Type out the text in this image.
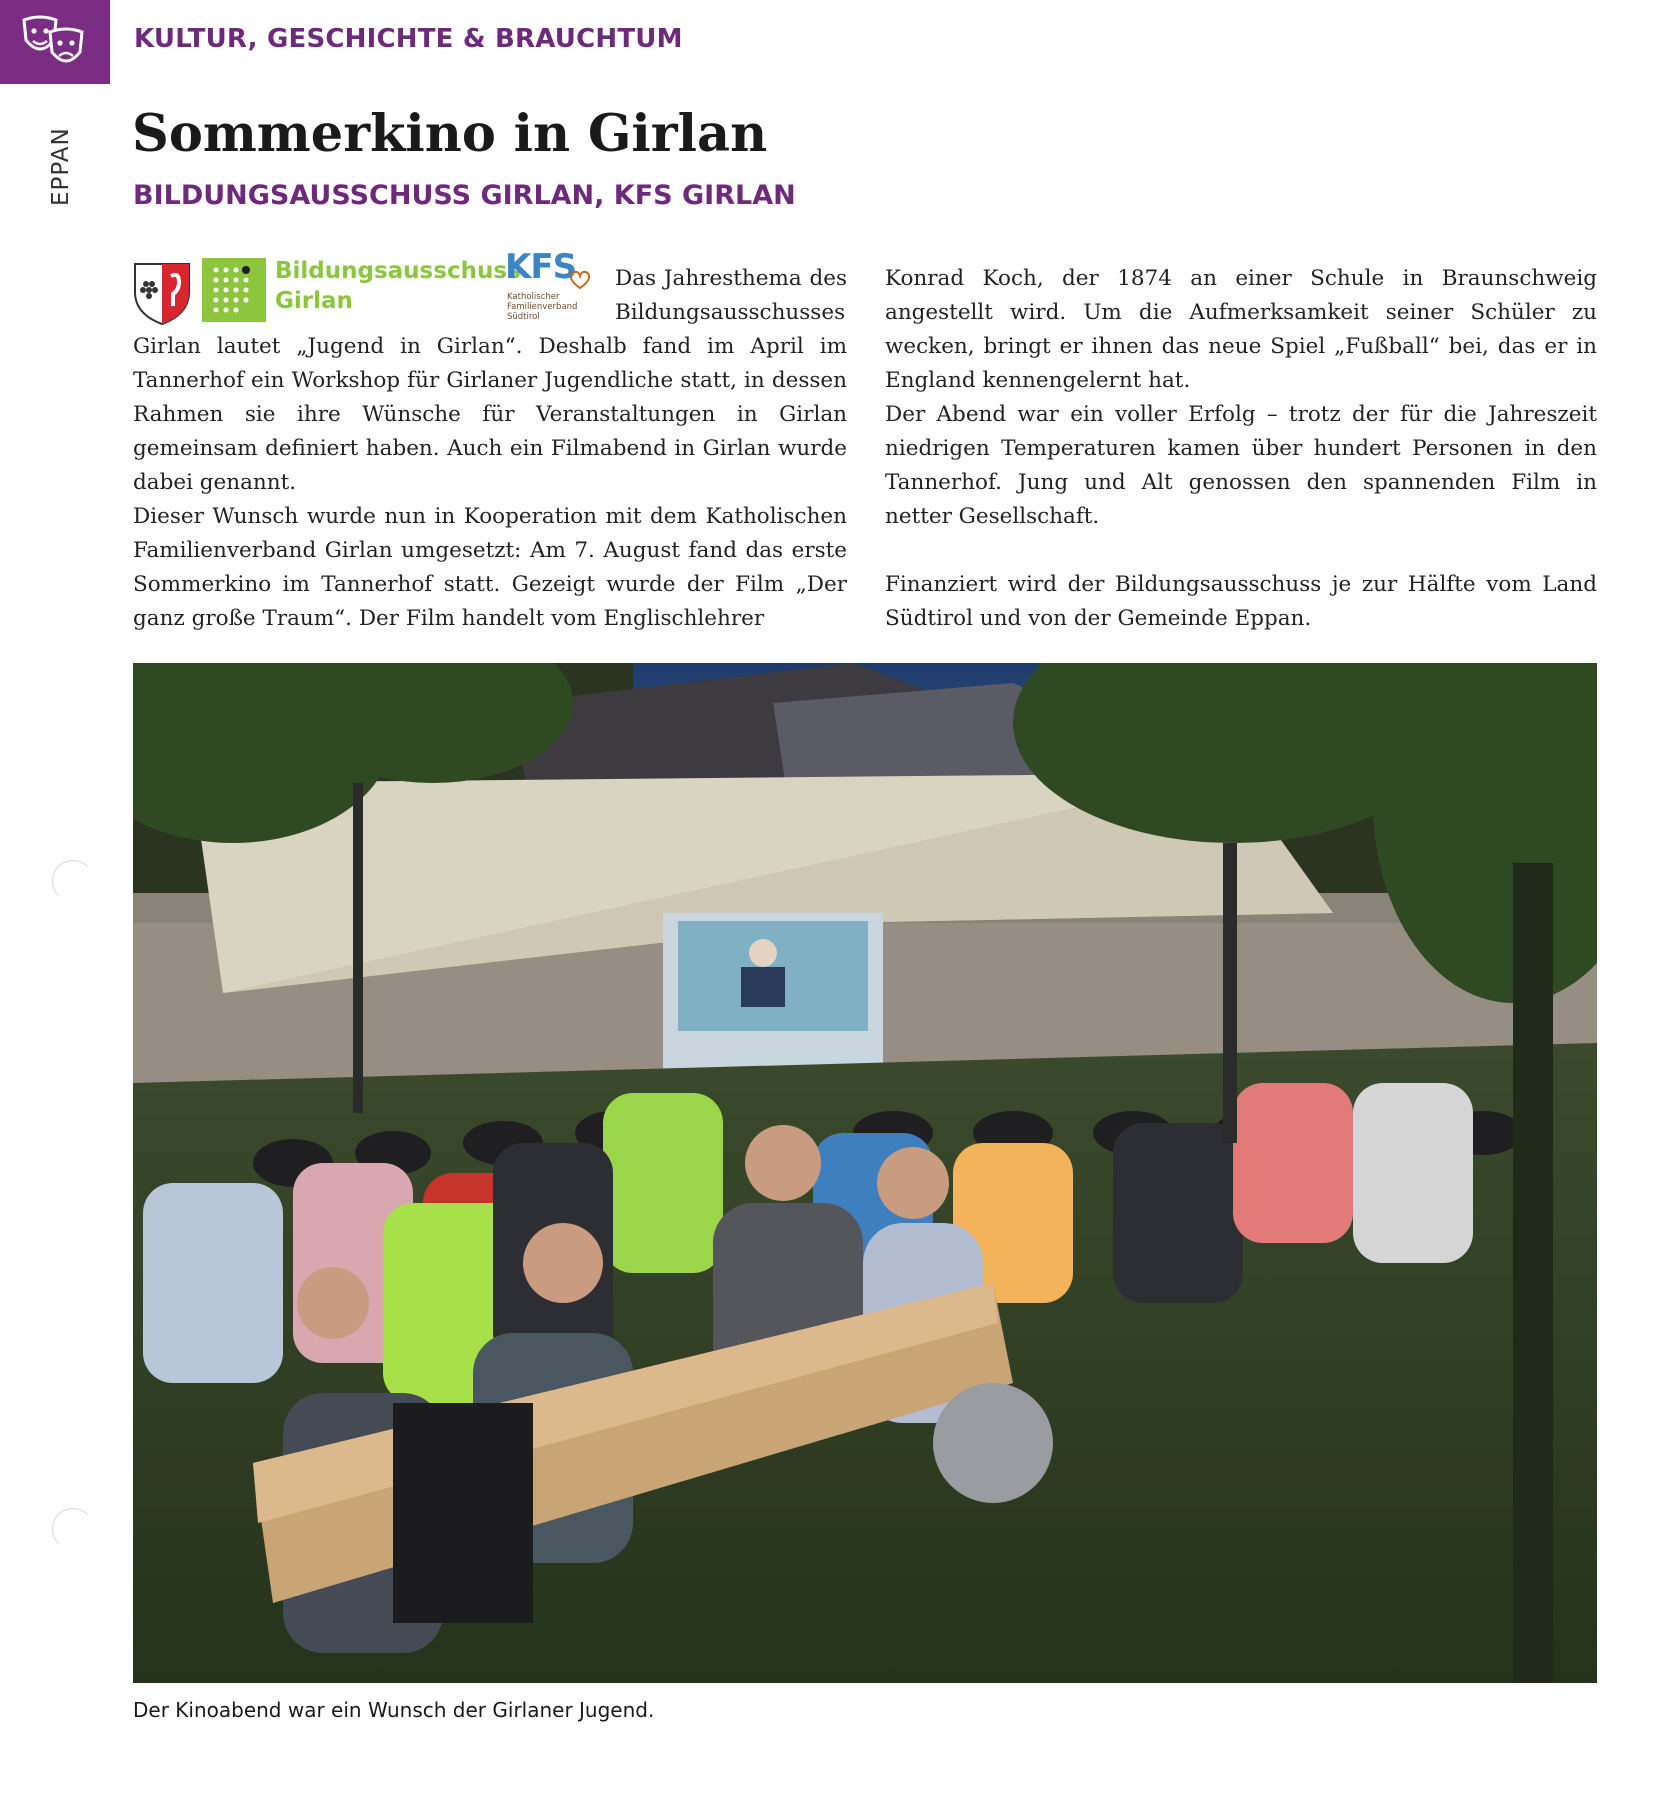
KULTUR, GESCHICHTE & BRAUCHTUM
EPPAN Sommerkino in Girlan
BILDUNGSAUSSCHUSS GIRLAN, KFS GIRLAN
Bildungsausschuss
Girlan
KFS
Katholischer Familienverband Südtirol

Das Jahresthema des Bildungsausschusses Girlan lautet „Jugend in Girlan“. Deshalb fand im April im Tannerhof ein Workshop für Girlaner Jugendliche statt, in dessen Rahmen sie ihre Wünsche für Veranstaltungen in Girlan gemeinsam definiert haben. Auch ein Filmabend in Girlan wurde dabei genannt.

Dieser Wunsch wurde nun in Kooperation mit dem Katholischen Familienverband Girlan umgesetzt: Am 7. August fand das erste Sommerkino im Tannerhof statt. Gezeigt wurde der Film „Der ganz große Traum“. Der Film handelt vom Englischlehrer

Konrad Koch, der 1874 an einer Schule in Braunschweig angestellt wird. Um die Aufmerksamkeit seiner Schüler zu wecken, bringt er ihnen das neue Spiel „Fußball“ bei, das er in England kennengelernt hat.

Der Abend war ein voller Erfolg – trotz der für die Jahreszeit niedrigen Temperaturen kamen über hundert Personen in den Tannerhof. Jung und Alt genossen den spannenden Film in netter Gesellschaft.

Finanziert wird der Bildungsausschuss je zur Hälfte vom Land Südtirol und von der Gemeinde Eppan.

Der Kinoabend war ein Wunsch der Girlaner Jugend.
